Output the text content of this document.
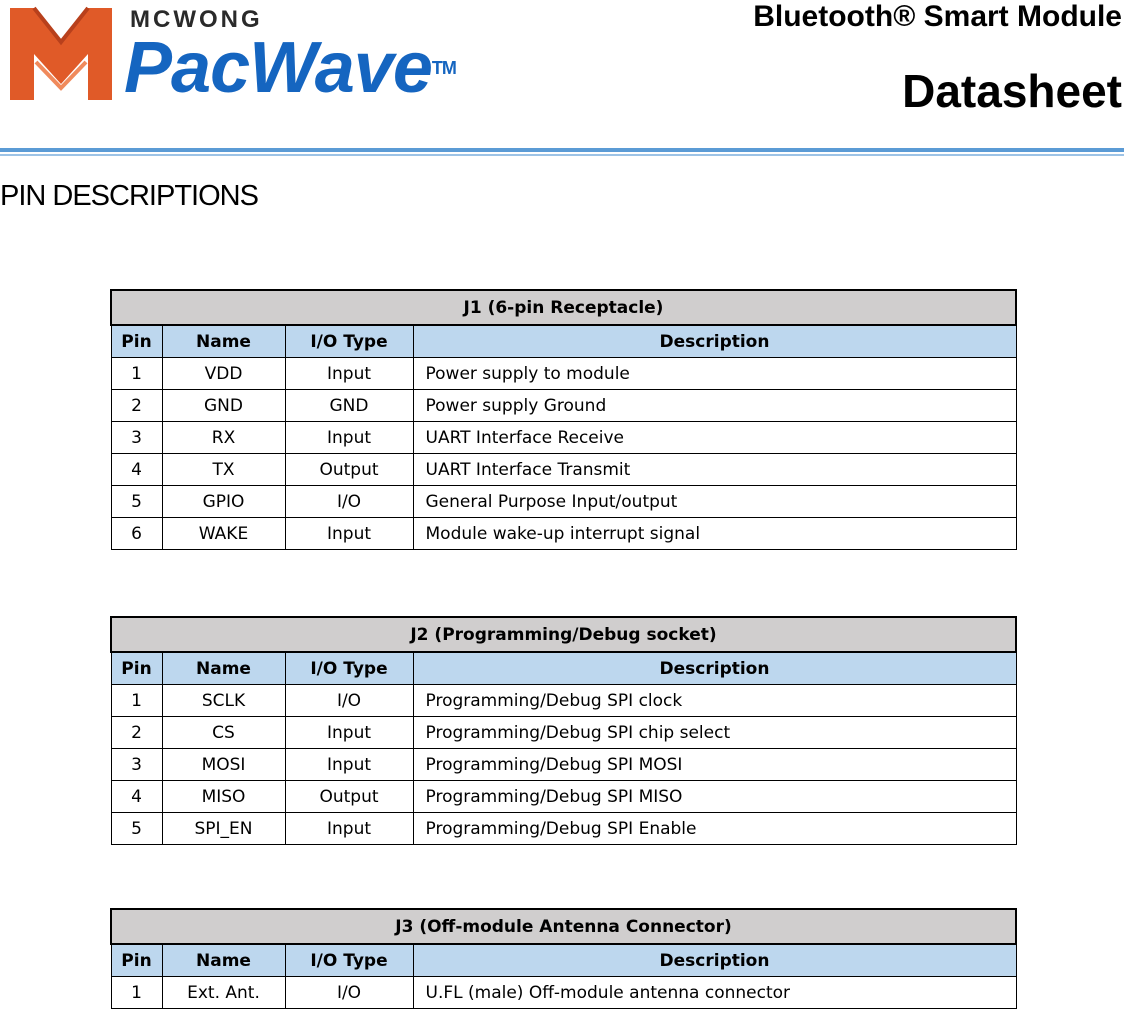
MCWONG
PacWave™
Bluetooth® Smart Module
Datasheet
PIN DESCRIPTIONS
J1 (6-pin Receptacle)			
Pin	Name	I/O Type	Description
1	VDD	Input	Power supply to module
2	GND	GND	Power supply Ground
3	RX	Input	UART Interface Receive
4	TX	Output	UART Interface Transmit
5	GPIO	I/O	General Purpose Input/output
6	WAKE	Input	Module wake-up interrupt signal
J2 (Programming/Debug socket)			
Pin	Name	I/O Type	Description
1	SCLK	I/O	Programming/Debug SPI clock
2	CS	Input	Programming/Debug SPI chip select
3	MOSI	Input	Programming/Debug SPI MOSI
4	MISO	Output	Programming/Debug SPI MISO
5	SPI_EN	Input	Programming/Debug SPI Enable
J3 (Off-module Antenna Connector)			
Pin	Name	I/O Type	Description
1	Ext. Ant.	I/O	U.FL (male) Off-module antenna connector
